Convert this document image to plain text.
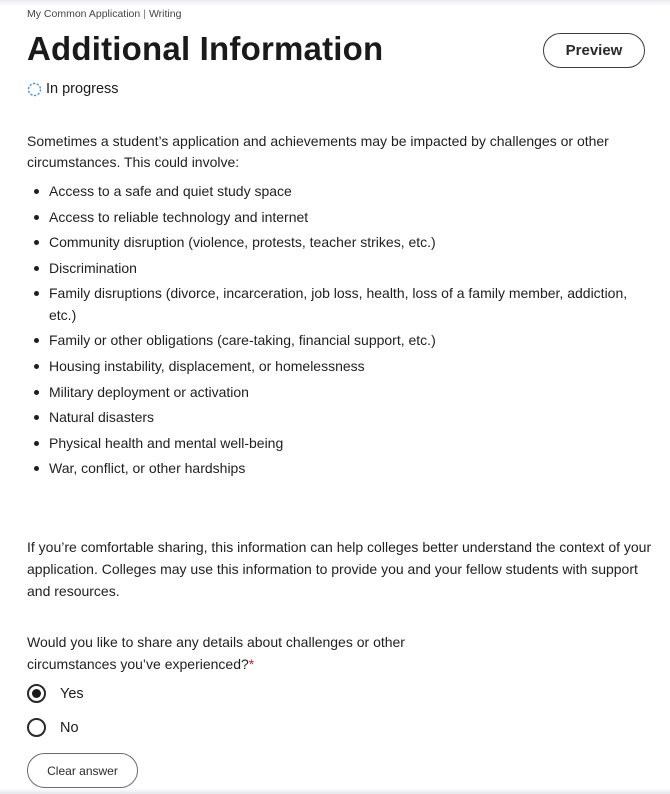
My Common Application | Writing
Additional Information	Preview
In progress

Sometimes a student’s application and achievements may be impacted by challenges or other circumstances. This could involve:

Access to a safe and quiet study space
Access to reliable technology and internet
Community disruption (violence, protests, teacher strikes, etc.)
Discrimination
Family disruptions (divorce, incarceration, job loss, health, loss of a family member, addiction, etc.)
Family or other obligations (care-taking, financial support, etc.)
Housing instability, displacement, or homelessness
Military deployment or activation
Natural disasters
Physical health and mental well-being
War, conflict, or other hardships

If you’re comfortable sharing, this information can help colleges better understand the context of your application. Colleges may use this information to provide you and your fellow students with support and resources.

Would you like to share any details about challenges or other circumstances you’ve experienced?*
Yes
No
Clear answer
